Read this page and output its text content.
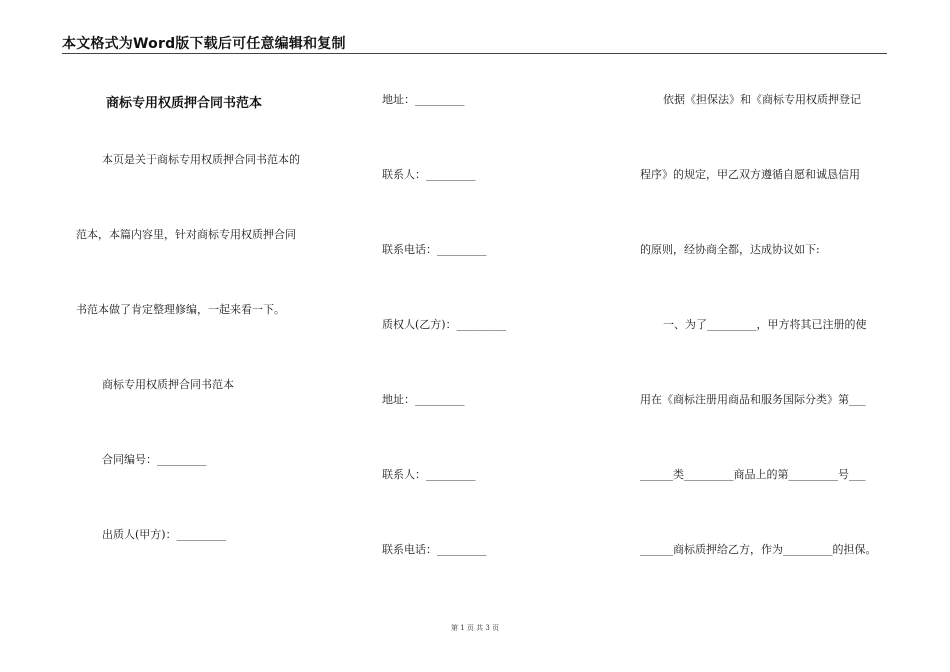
本文格式为Word版下载后可任意编辑和复制
商标专用权质押合同书范本
本页是关于商标专用权质押合同书范本的
范本，本篇内容里，针对商标专用权质押合同
书范本做了肯定整理修编，一起来看一下。
商标专用权质押合同书范本
合同编号：_________
出质人(甲方)：_________
地址：_________
联系人：_________
联系电话：_________
质权人(乙方)：_________
地址：_________
联系人：_________
联系电话：_________
依据《担保法》和《商标专用权质押登记
程序》的规定，甲乙双方遵循自愿和诚恳信用
的原则，经协商全都，达成协议如下:
一、为了_________，甲方将其已注册的使
用在《商标注册用商品和服务国际分类》第___
______类_________商品上的第_________号___
______商标质押给乙方，作为_________的担保。
第 1 页 共 3 页
